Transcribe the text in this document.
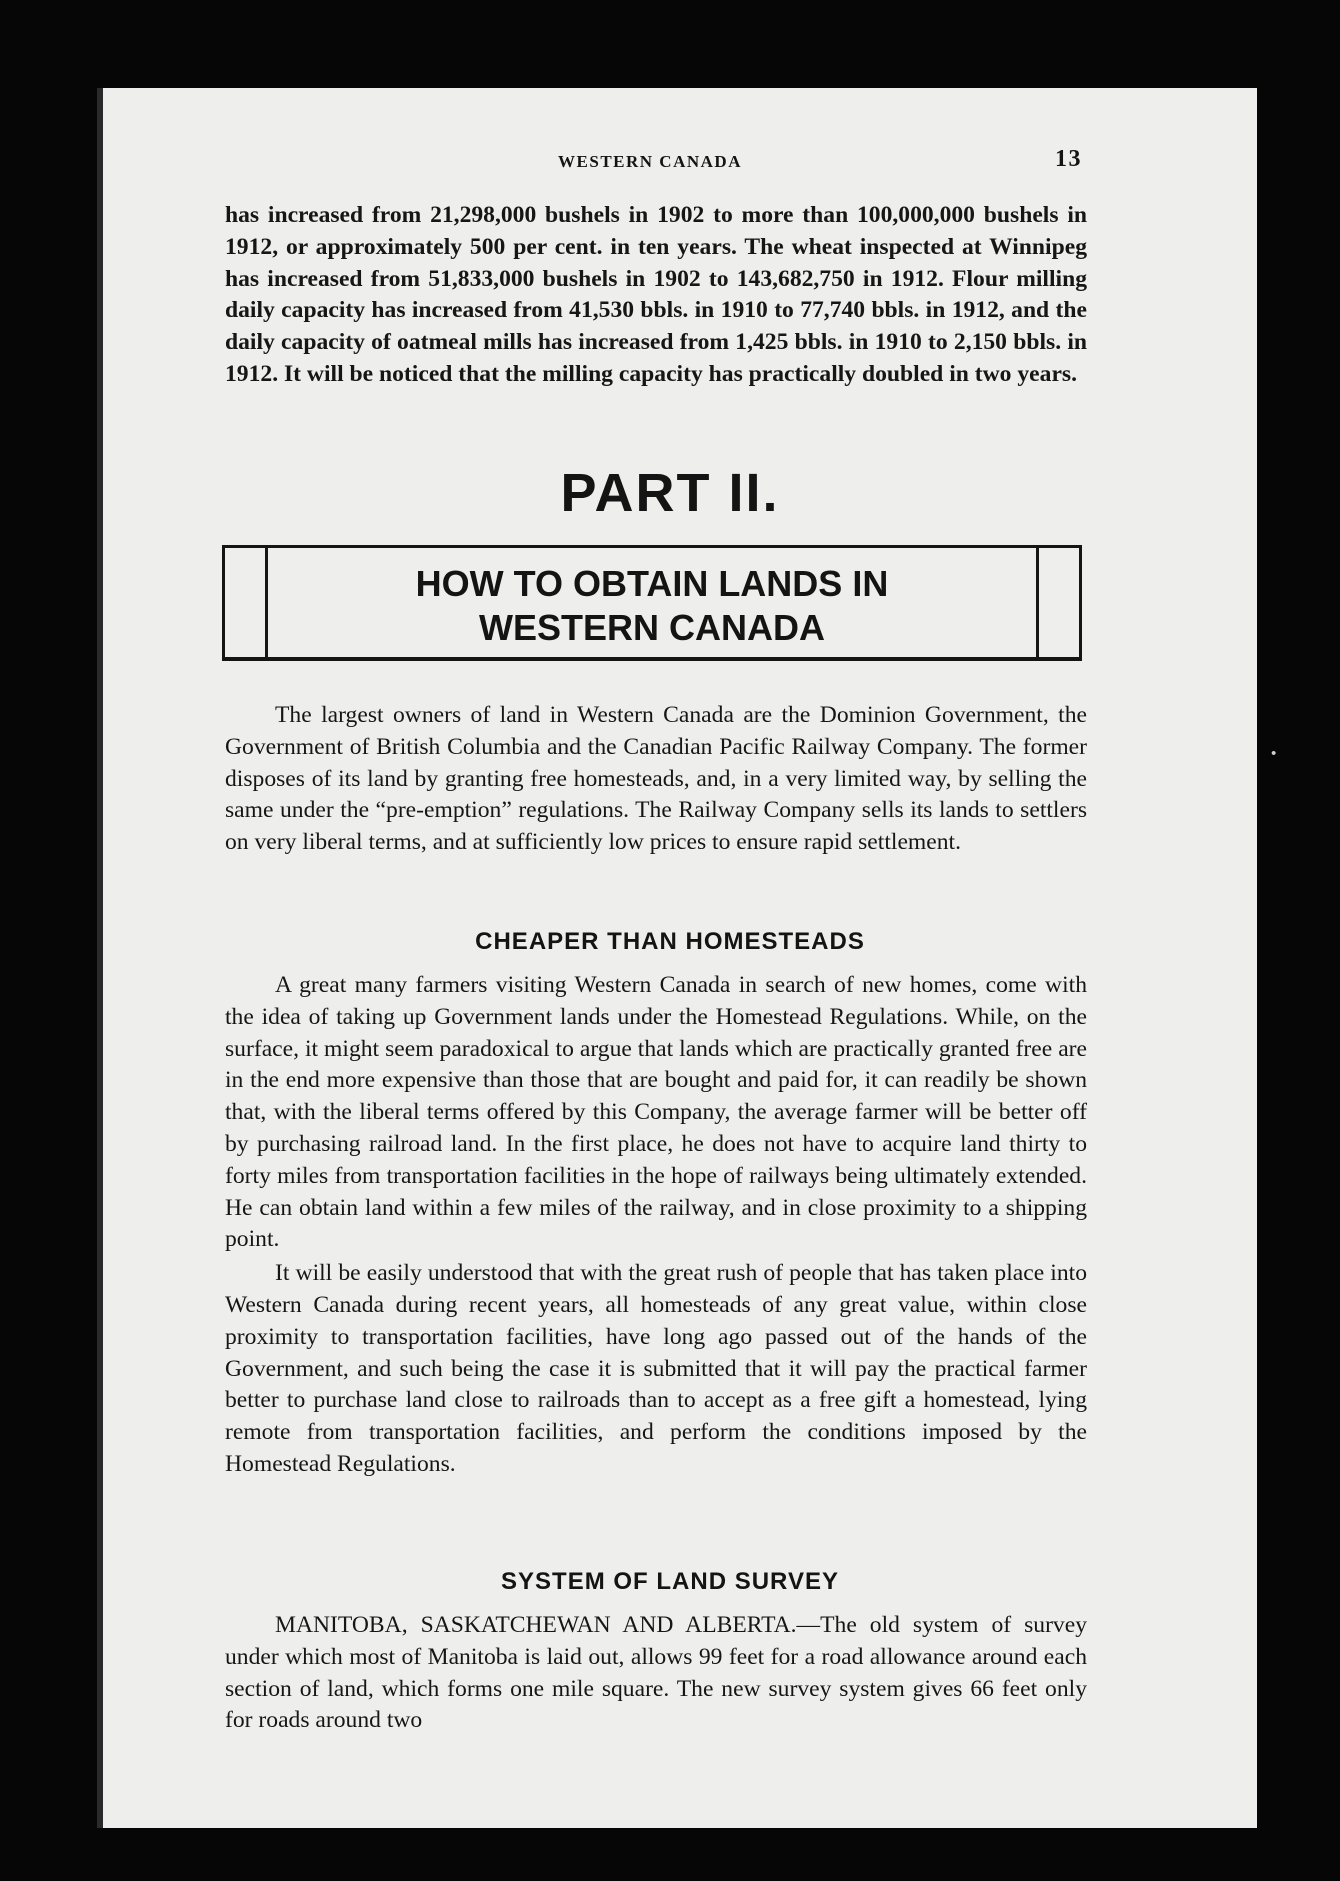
WESTERN CANADA	13

has increased from 21,298,000 bushels in 1902 to more than 100,000,000 bushels in 1912, or approximately 500 per cent. in ten years. The wheat inspected at Winnipeg has increased from 51,833,000 bushels in 1902 to 143,682,750 in 1912. Flour milling daily capacity has increased from 41,530 bbls. in 1910 to 77,740 bbls. in 1912, and the daily capacity of oatmeal mills has increased from 1,425 bbls. in 1910 to 2,150 bbls. in 1912. It will be noticed that the milling capacity has practically doubled in two years.

PART II.
HOW TO OBTAIN LANDS IN
WESTERN CANADA

The largest owners of land in Western Canada are the Dominion Government, the Government of British Columbia and the Canadian Pacific Railway Company. The former disposes of its land by granting free homesteads, and, in a very limited way, by selling the same under the “pre-emption” regulations. The Railway Company sells its lands to settlers on very liberal terms, and at sufficiently low prices to ensure rapid settlement.

CHEAPER THAN HOMESTEADS

A great many farmers visiting Western Canada in search of new homes, come with the idea of taking up Government lands under the Homestead Regulations. While, on the surface, it might seem paradoxical to argue that lands which are practically granted free are in the end more expensive than those that are bought and paid for, it can readily be shown that, with the liberal terms offered by this Company, the average farmer will be better off by purchasing railroad land. In the first place, he does not have to acquire land thirty to forty miles from transportation facilities in the hope of railways being ultimately extended. He can obtain land within a few miles of the railway, and in close proximity to a shipping point.

It will be easily understood that with the great rush of people that has taken place into Western Canada during recent years, all homesteads of any great value, within close proximity to transportation facilities, have long ago passed out of the hands of the Government, and such being the case it is submitted that it will pay the practical farmer better to purchase land close to railroads than to accept as a free gift a homestead, lying remote from transportation facilities, and perform the conditions imposed by the Homestead Regulations.

SYSTEM OF LAND SURVEY

MANITOBA, SASKATCHEWAN AND ALBERTA.—The old system of survey under which most of Manitoba is laid out, allows 99 feet for a road allowance around each section of land, which forms one mile square. The new survey system gives 66 feet only for roads around two

·
